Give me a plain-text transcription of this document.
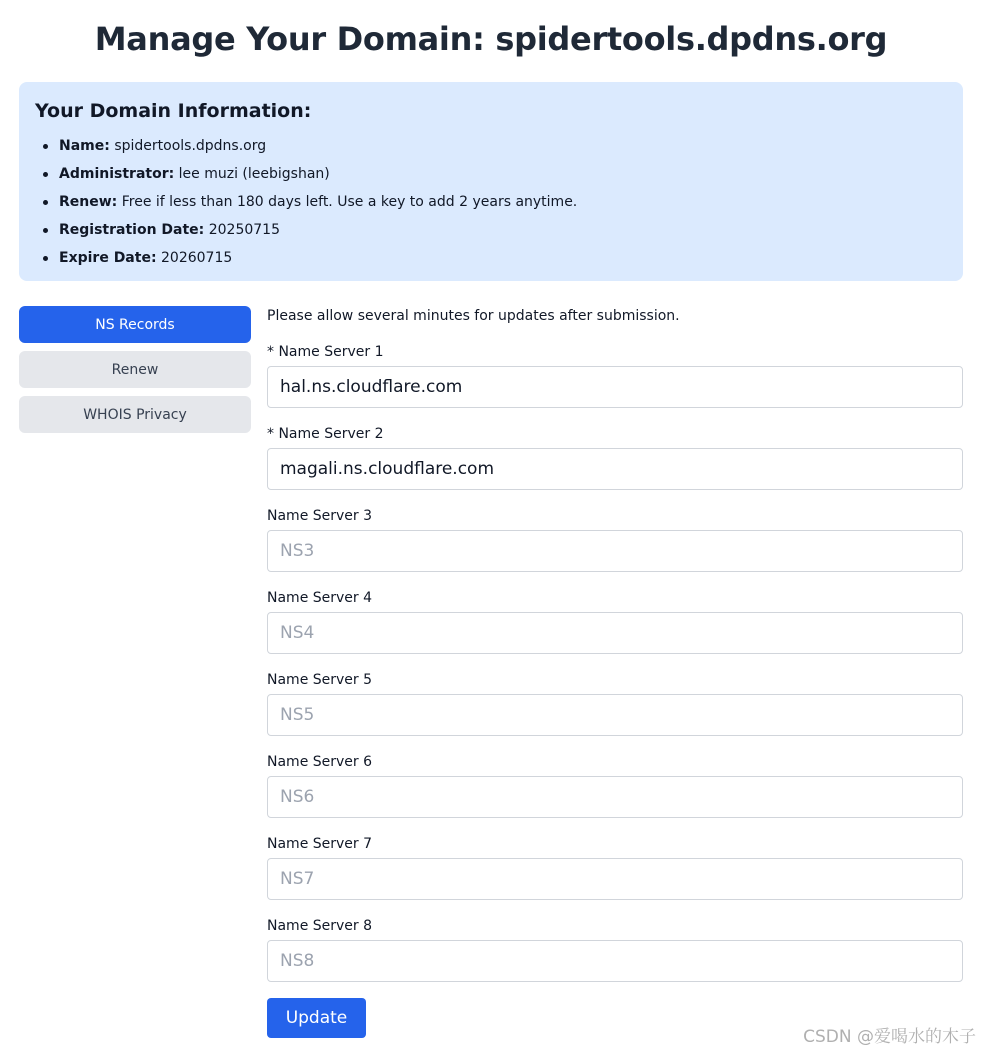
Manage Your Domain: spidertools.dpdns.org
Your Domain Information:
Name: spidertools.dpdns.org
Administrator: lee muzi (leebigshan)
Renew: Free if less than 180 days left. Use a key to add 2 years anytime.
Registration Date: 20250715
Expire Date: 20260715
NS Records
Renew
WHOIS Privacy

Please allow several minutes for updates after submission.

* Name Server 1
hal.ns.cloudflare.com
* Name Server 2
magali.ns.cloudflare.com
Name Server 3
NS3
Name Server 4
NS4
Name Server 5
NS5
Name Server 6
NS6
Name Server 7
NS7
Name Server 8
NS8
Update
CSDN @爱喝水的木子
